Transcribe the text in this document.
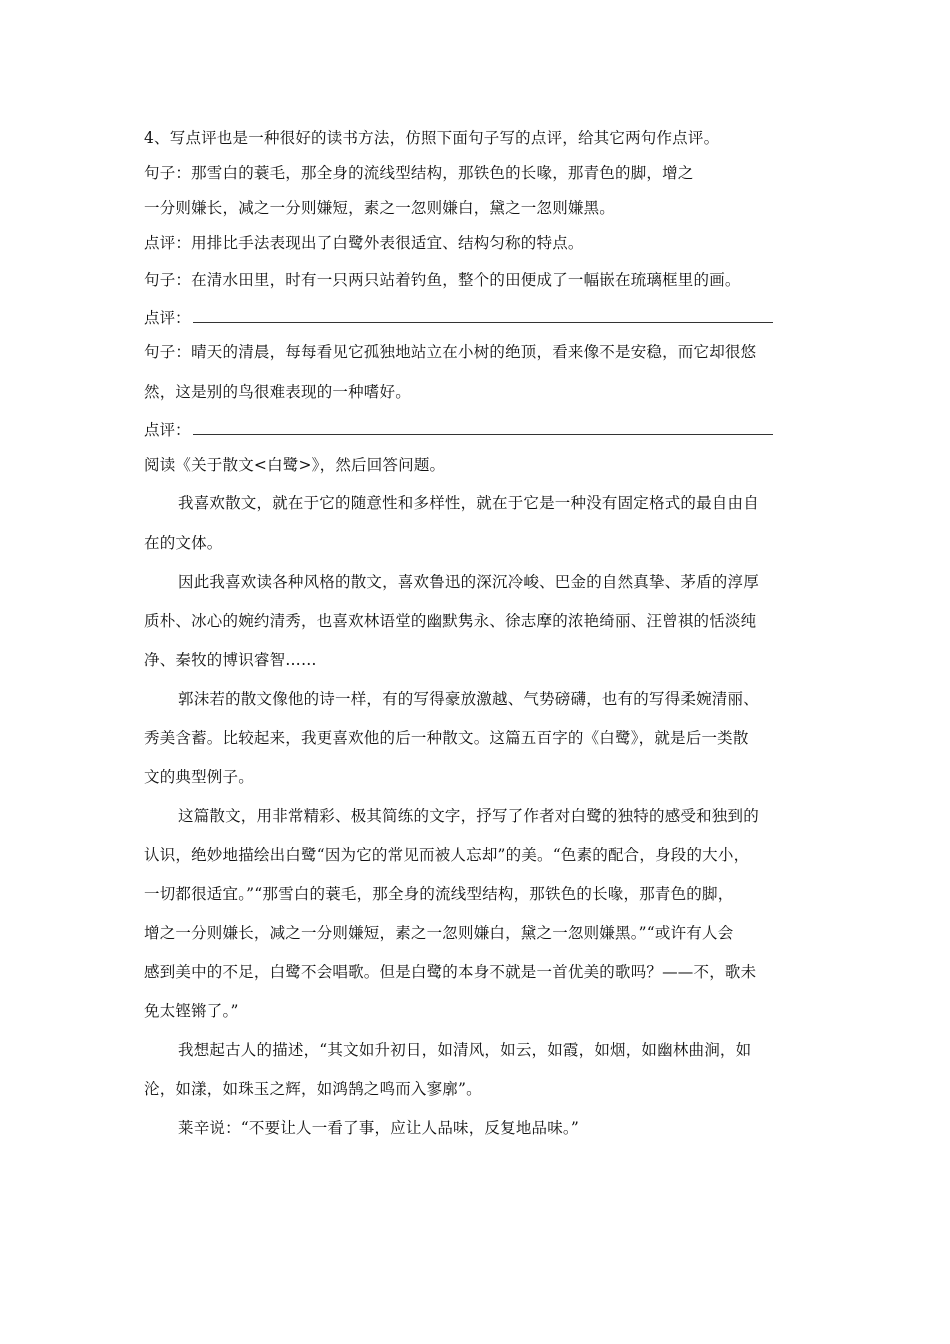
4、写点评也是一种很好的读书方法，仿照下面句子写的点评，给其它两句作点评。
句子：那雪白的蓑毛，那全身的流线型结构，那铁色的长喙，那青色的脚，增之
一分则嫌长，减之一分则嫌短，素之一忽则嫌白，黛之一忽则嫌黑。
点评：用排比手法表现出了白鹭外表很适宜、结构匀称的特点。
句子：在清水田里，时有一只两只站着钓鱼，整个的田便成了一幅嵌在琉璃框里的画。
点评：
句子：晴天的清晨，每每看见它孤独地站立在小树的绝顶，看来像不是安稳，而它却很悠
然，这是别的鸟很难表现的一种嗜好。
点评：
阅读《关于散文<白鹭>》，然后回答问题。
我喜欢散文，就在于它的随意性和多样性，就在于它是一种没有固定格式的最自由自
在的文体。
因此我喜欢读各种风格的散文，喜欢鲁迅的深沉冷峻、巴金的自然真挚、茅盾的淳厚
质朴、冰心的婉约清秀，也喜欢林语堂的幽默隽永、徐志摩的浓艳绮丽、汪曾祺的恬淡纯
净、秦牧的博识睿智……
郭沫若的散文像他的诗一样，有的写得豪放激越、气势磅礴，也有的写得柔婉清丽、
秀美含蓄。比较起来，我更喜欢他的后一种散文。这篇五百字的《白鹭》，就是后一类散
文的典型例子。
这篇散文，用非常精彩、极其简练的文字，抒写了作者对白鹭的独特的感受和独到的
认识，绝妙地描绘出白鹭“因为它的常见而被人忘却”的美。“色素的配合，身段的大小，
一切都很适宜。”“那雪白的蓑毛，那全身的流线型结构，那铁色的长喙，那青色的脚，
增之一分则嫌长，减之一分则嫌短，素之一忽则嫌白，黛之一忽则嫌黑。”“或许有人会
感到美中的不足，白鹭不会唱歌。但是白鹭的本身不就是一首优美的歌吗？——不，歌未
免太铿锵了。”
我想起古人的描述，“其文如升初日，如清风，如云，如霞，如烟，如幽林曲涧，如
沦，如漾，如珠玉之辉，如鸿鹄之鸣而入寥廓”。
莱辛说：“不要让人一看了事，应让人品味，反复地品味。”
